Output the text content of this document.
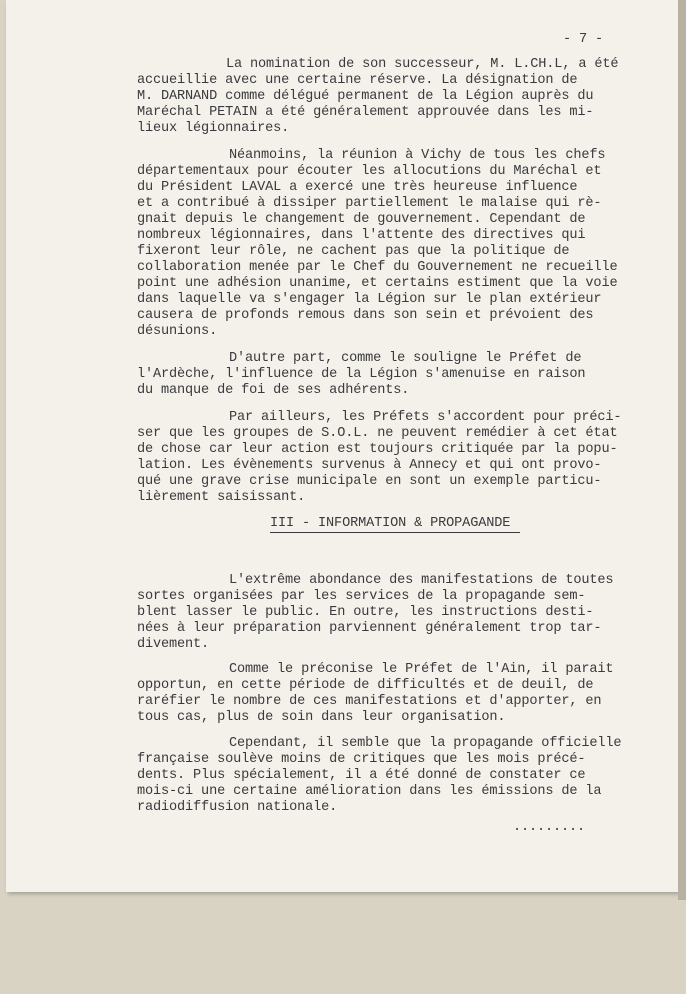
- 7 -

La nomination de son successeur, M. L.CH.L, a été

accueillie avec une certaine réserve. La désignation de

M. DARNAND comme délégué permanent de la Légion auprès du

Maréchal PETAIN a été généralement approuvée dans les mi-

lieux légionnaires.

Néanmoins, la réunion à Vichy de tous les chefs

départementaux pour écouter les allocutions du Maréchal et

du Président LAVAL a exercé une très heureuse influence

et a contribué à dissiper partiellement le malaise qui rè-

gnait depuis le changement de gouvernement. Cependant de

nombreux légionnaires, dans l'attente des directives qui

fixeront leur rôle, ne cachent pas que la politique de

collaboration menée par le Chef du Gouvernement ne recueille

point une adhésion unanime, et certains estiment que la voie

dans laquelle va s'engager la Légion sur le plan extérieur

causera de profonds remous dans son sein et prévoient des

désunions.

D'autre part, comme le souligne le Préfet de

l'Ardèche, l'influence de la Légion s'amenuise en raison

du manque de foi de ses adhérents.

Par ailleurs, les Préfets s'accordent pour préci-

ser que les groupes de S.O.L. ne peuvent remédier à cet état

de chose car leur action est toujours critiquée par la popu-

lation. Les évènements survenus à Annecy et qui ont provo-

qué une grave crise municipale en sont un exemple particu-

lièrement saisissant.

III - INFORMATION & PROPAGANDE

L'extrême abondance des manifestations de toutes

sortes organisées par les services de la propagande sem-

blent lasser le public. En outre, les instructions desti-

nées à leur préparation parviennent généralement trop tar-

divement.

Comme le préconise le Préfet de l'Ain, il parait

opportun, en cette période de difficultés et de deuil, de

raréfier le nombre de ces manifestations et d'apporter, en

tous cas, plus de soin dans leur organisation.

Cependant, il semble que la propagande officielle

française soulève moins de critiques que les mois précé-

dents. Plus spécialement, il a été donné de constater ce

mois-ci une certaine amélioration dans les émissions de la

radiodiffusion nationale.

.........
